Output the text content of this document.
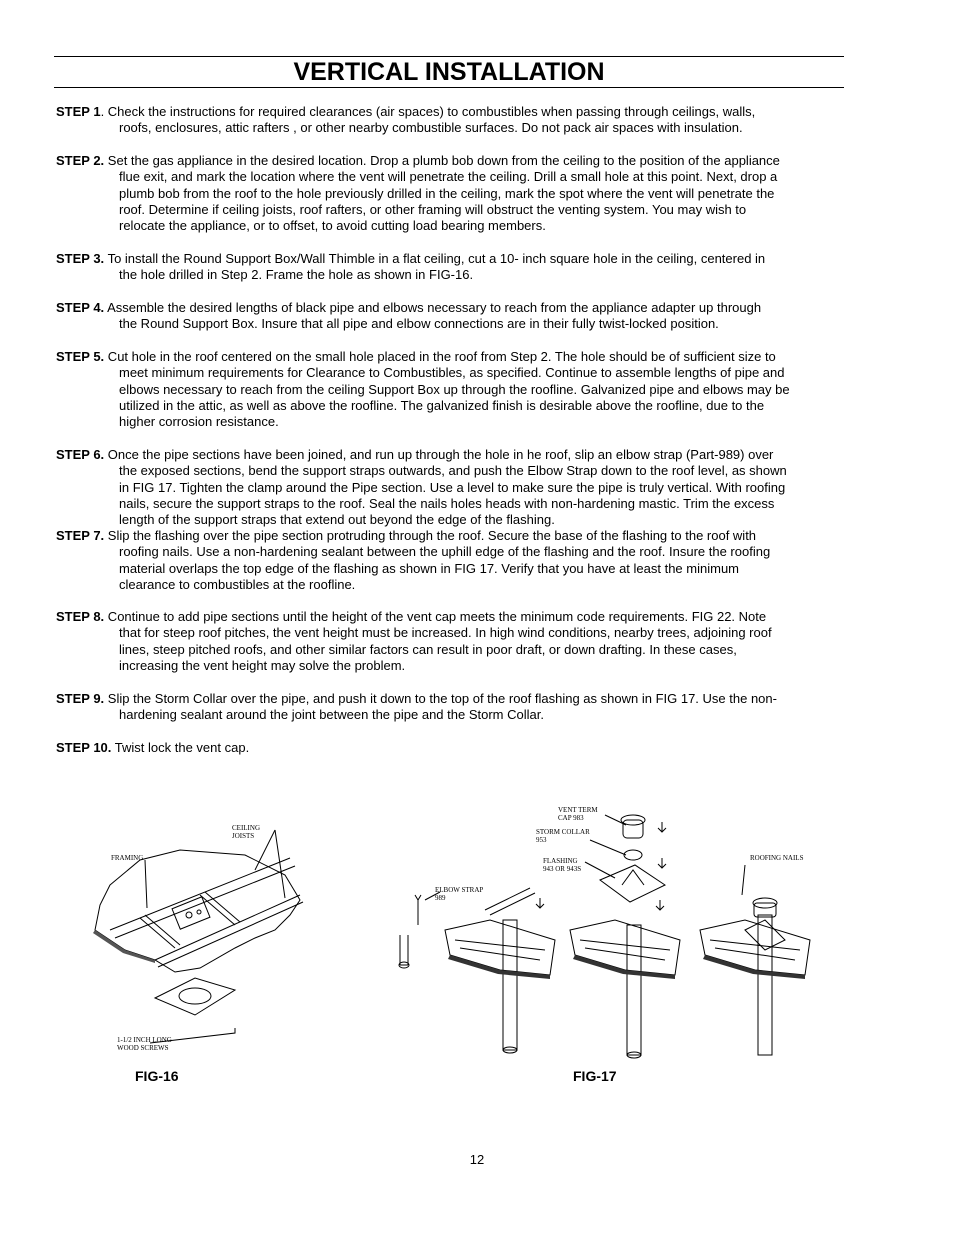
VERTICAL INSTALLATION
STEP 1. Check the instructions for required clearances (air spaces) to combustibles when passing through ceilings, walls,
roofs, enclosures, attic rafters , or other nearby combustible surfaces. Do not pack air spaces with insulation.
STEP 2. Set the gas appliance in the desired location. Drop a plumb bob down from the ceiling to the position of the appliance
flue exit, and mark the location where the vent will penetrate the ceiling. Drill a small hole at this point. Next, drop a
plumb bob from the roof to the hole previously drilled in the ceiling, mark the spot where the vent will penetrate the
roof. Determine if ceiling joists, roof rafters, or other framing will obstruct the venting system. You may wish to
relocate the appliance, or to offset, to avoid cutting load bearing members.
STEP 3. To install the Round Support Box/Wall Thimble in a flat ceiling, cut a 10- inch square hole in the ceiling, centered in
the hole drilled in Step 2. Frame the hole as shown in FIG-16.
STEP 4. Assemble the desired lengths of black pipe and elbows necessary to reach from the appliance adapter up through
the Round Support Box. Insure that all pipe and elbow connections are in their fully twist-locked position.
STEP 5. Cut hole in the roof centered on the small hole placed in the roof from Step 2. The hole should be of sufficient size to
meet minimum requirements for Clearance to Combustibles, as specified. Continue to assemble lengths of pipe and
elbows necessary to reach from the ceiling Support Box up through the roofline. Galvanized pipe and elbows may be
utilized in the attic, as well as above the roofline. The galvanized finish is desirable above the roofline, due to the
higher corrosion resistance.
STEP 6. Once the pipe sections have been joined, and run up through the hole in he roof, slip an elbow strap (Part-989) over
the exposed sections, bend the support straps outwards, and push the Elbow Strap down to the roof level, as shown
in FIG 17. Tighten the clamp around the Pipe section. Use a level to make sure the pipe is truly vertical. With roofing
nails, secure the support straps to the roof. Seal the nails holes heads with non-hardening mastic. Trim the excess
length of the support straps that extend out beyond the edge of the flashing.
STEP 7. Slip the flashing over the pipe section protruding through the roof. Secure the base of the flashing to the roof with
roofing nails. Use a non-hardening sealant between the uphill edge of the flashing and the roof. Insure the roofing
material overlaps the top edge of the flashing as shown in FIG 17. Verify that you have at least the minimum
clearance to combustibles at the roofline.
STEP 8. Continue to add pipe sections until the height of the vent cap meets the minimum code requirements. FIG 22. Note
that for steep roof pitches, the vent height must be increased. In high wind conditions, nearby trees, adjoining roof
lines, steep pitched roofs, and other similar factors can result in poor draft, or down drafting. In these cases,
increasing the vent height may solve the problem.
STEP 9. Slip the Storm Collar over the pipe, and push it down to the top of the roof flashing as shown in FIG 17. Use the non-
hardening sealant around the joint between the pipe and the Storm Collar.
STEP 10. Twist lock the vent cap.
CEILING
JOISTS
FRAMING
1-1/2 INCH LONG
WOOD SCREWS
FIG-16
VENT TERM
CAP 983
STORM COLLAR
953
FLASHING
943 OR 943S
ELBOW STRAP
989
ROOFING NAILS
FIG-17
12
